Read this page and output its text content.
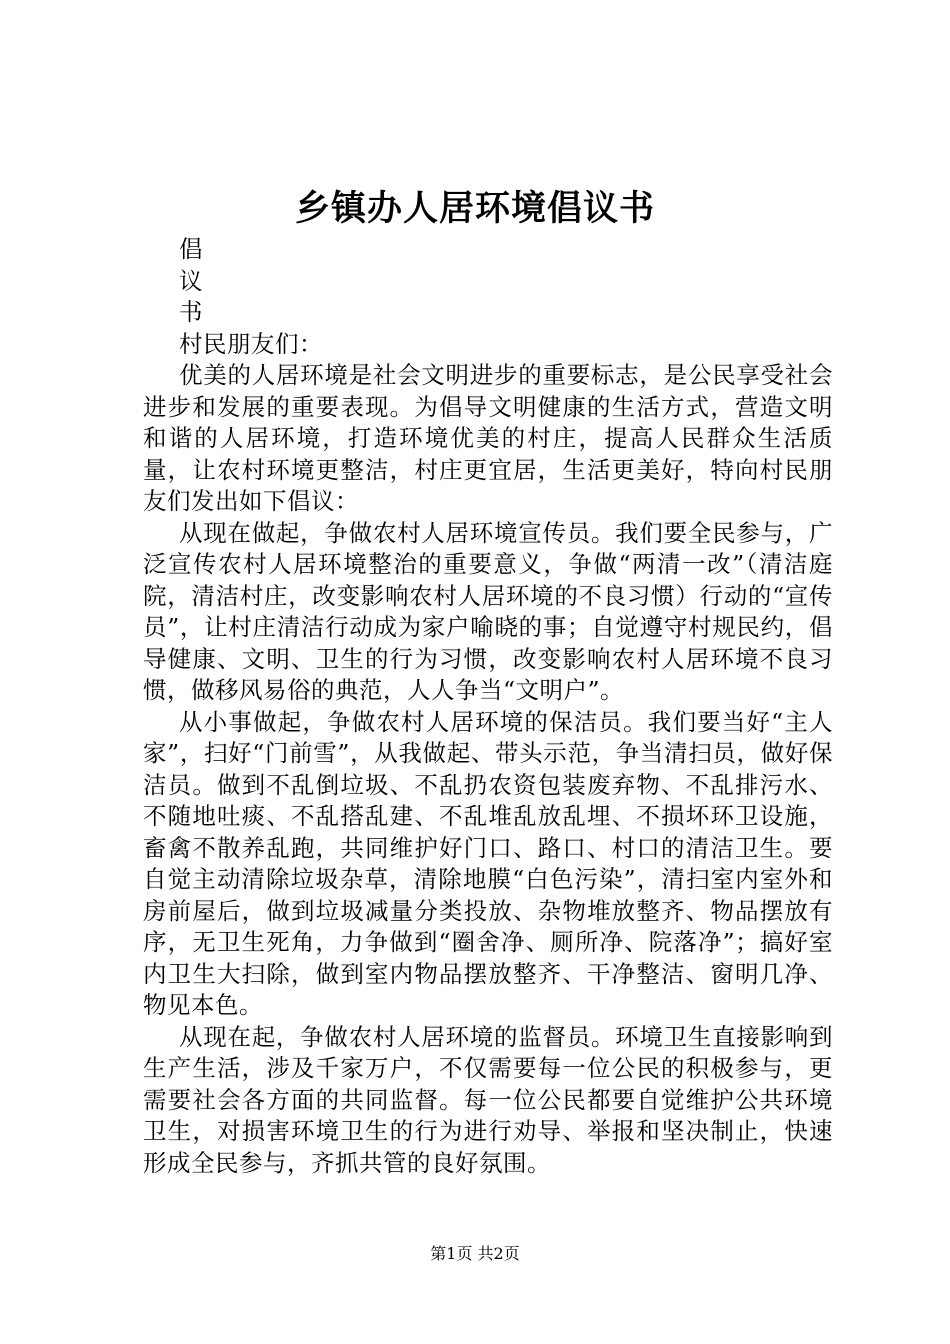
乡镇办人居环境倡议书

倡

议

书

村民朋友们：

优美的人居环境是社会文明进步的重要标志，是公民享受社会进步和发展的重要表现。为倡导文明健康的生活方式，营造文明和谐的人居环境，打造环境优美的村庄，提高人民群众生活质量，让农村环境更整洁，村庄更宜居，生活更美好，特向村民朋友们发出如下倡议：

从现在做起，争做农村人居环境宣传员。我们要全民参与，广泛宣传农村人居环境整治的重要意义，争做“两清一改”（清洁庭院，清洁村庄，改变影响农村人居环境的不良习惯）行动的“宣传员”，让村庄清洁行动成为家户喻晓的事；自觉遵守村规民约，倡导健康、文明、卫生的行为习惯，改变影响农村人居环境不良习惯，做移风易俗的典范，人人争当“文明户”。

从小事做起，争做农村人居环境的保洁员。我们要当好“主人家”，扫好“门前雪”，从我做起、带头示范，争当清扫员，做好保洁员。做到不乱倒垃圾、不乱扔农资包装废弃物、不乱排污水、不随地吐痰、不乱搭乱建、不乱堆乱放乱埋、不损坏环卫设施，畜禽不散养乱跑，共同维护好门口、路口、村口的清洁卫生。要自觉主动清除垃圾杂草，清除地膜“白色污染”，清扫室内室外和房前屋后，做到垃圾减量分类投放、杂物堆放整齐、物品摆放有序，无卫生死角，力争做到“圈舍净、厕所净、院落净”；搞好室内卫生大扫除，做到室内物品摆放整齐、干净整洁、窗明几净、物见本色。

从现在起，争做农村人居环境的监督员。环境卫生直接影响到生产生活，涉及千家万户，不仅需要每一位公民的积极参与，更需要社会各方面的共同监督。每一位公民都要自觉维护公共环境卫生，对损害环境卫生的行为进行劝导、举报和坚决制止，快速形成全民参与，齐抓共管的良好氛围。

第1页 共2页
